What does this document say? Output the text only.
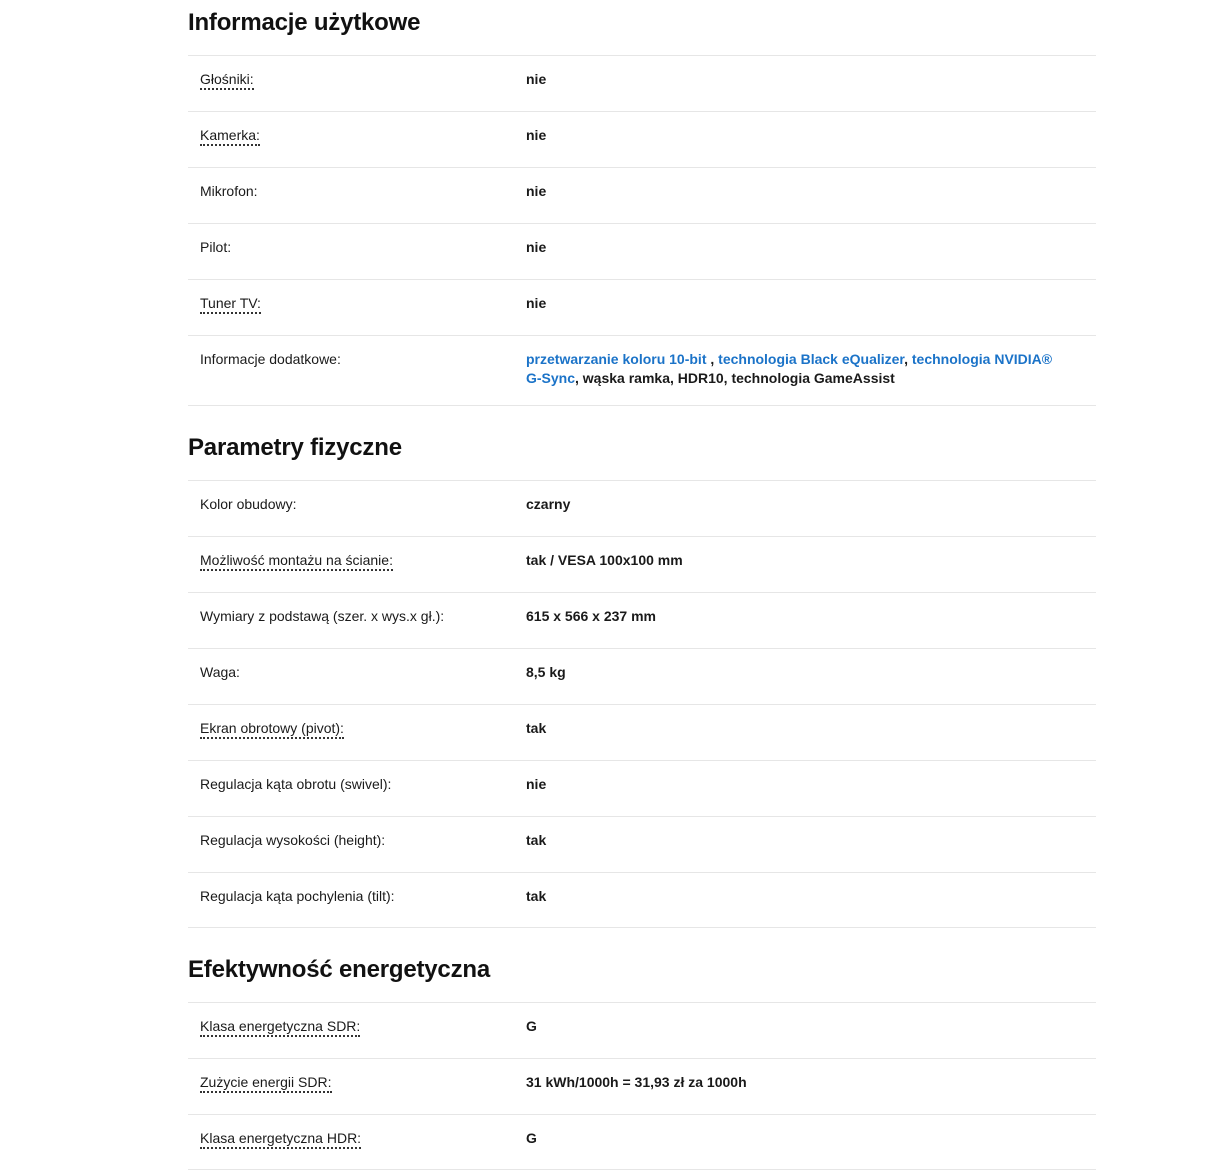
Informacje użytkowe
Głośniki:	nie
Kamerka:	nie
Mikrofon:	nie
Pilot:	nie
Tuner TV:	nie
Informacje dodatkowe:	przetwarzanie koloru 10-bit , technologia Black eQualizer, technologia NVIDIA® G-Sync, wąska ramka, HDR10, technologia GameAssist
Parametry fizyczne
Kolor obudowy:	czarny
Możliwość montażu na ścianie:	tak / VESA 100x100 mm
Wymiary z podstawą (szer. x wys.x gł.):	615 x 566 x 237 mm
Waga:	8,5 kg
Ekran obrotowy (pivot):	tak
Regulacja kąta obrotu (swivel):	nie
Regulacja wysokości (height):	tak
Regulacja kąta pochylenia (tilt):	tak
Efektywność energetyczna
Klasa energetyczna SDR:	G
Zużycie energii SDR:	31 kWh/1000h = 31,93 zł za 1000h
Klasa energetyczna HDR:	G
